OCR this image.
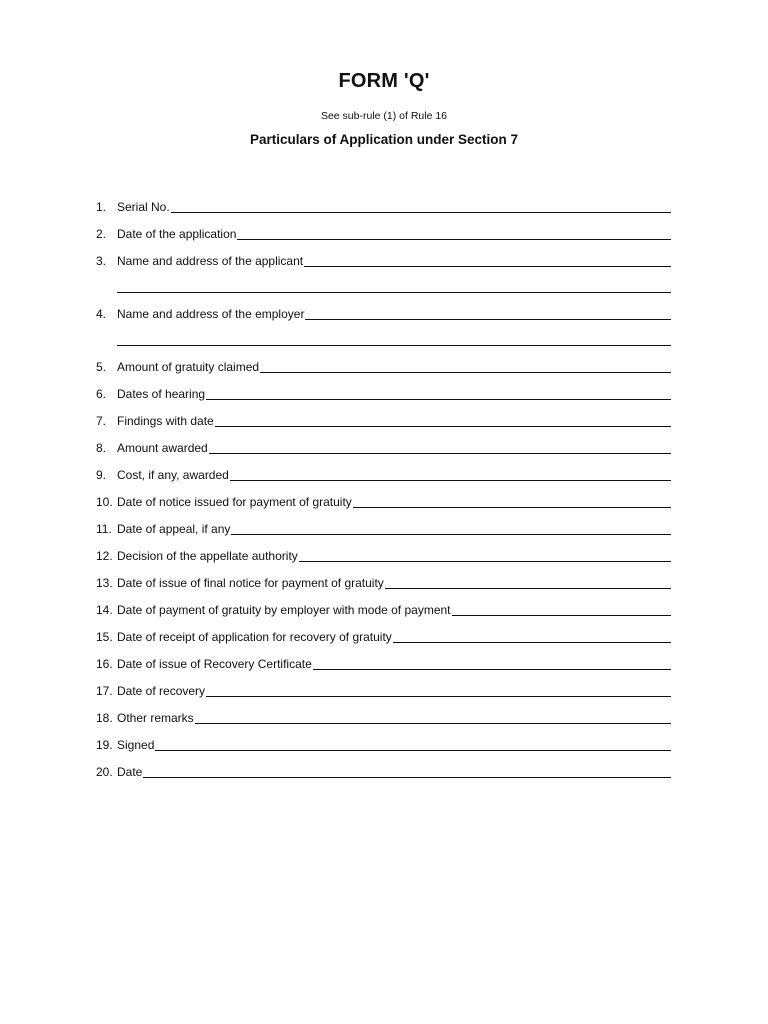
FORM 'Q'
See sub-rule (1) of Rule 16
Particulars of Application under Section 7
1. Serial No.
2. Date of the application
3. Name and address of the applicant
4. Name and address of the employer
5. Amount of gratuity claimed
6. Dates of hearing
7. Findings with date
8. Amount awarded
9. Cost, if any, awarded
10. Date of notice issued for payment of gratuity
11. Date of appeal, if any
12. Decision of the appellate authority
13. Date of issue of final notice for payment of gratuity
14. Date of payment of gratuity by employer with mode of payment
15. Date of receipt of application for recovery of gratuity
16. Date of issue of Recovery Certificate
17. Date of recovery
18. Other remarks
19. Signed
20. Date
